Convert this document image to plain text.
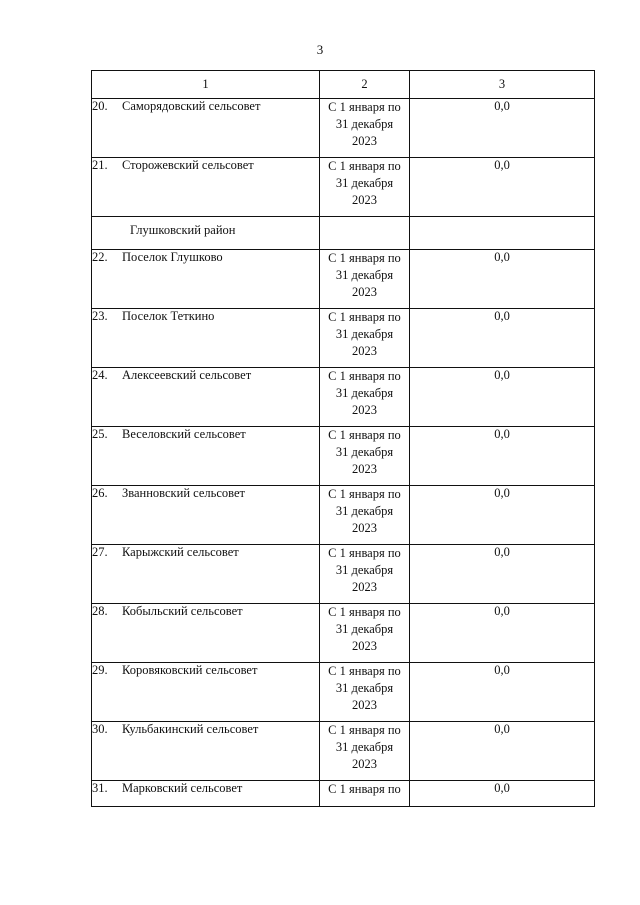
3
1	2	3
20. Саморядовский сельсовет	С 1 января по
31 декабря
2023	0,0
21. Сторожевский сельсовет	С 1 января по
31 декабря
2023	0,0
Глушковский район		
22. Поселок Глушково	С 1 января по
31 декабря
2023	0,0
23. Поселок Теткино	С 1 января по
31 декабря
2023	0,0
24. Алексеевский сельсовет	С 1 января по
31 декабря
2023	0,0
25. Веселовский сельсовет	С 1 января по
31 декабря
2023	0,0
26. Званновский сельсовет	С 1 января по
31 декабря
2023	0,0
27. Карыжский сельсовет	С 1 января по
31 декабря
2023	0,0
28. Кобыльский сельсовет	С 1 января по
31 декабря
2023	0,0
29. Коровяковский сельсовет	С 1 января по
31 декабря
2023	0,0
30. Кульбакинский сельсовет	С 1 января по
31 декабря
2023	0,0
31. Марковский сельсовет	С 1 января по	0,0
